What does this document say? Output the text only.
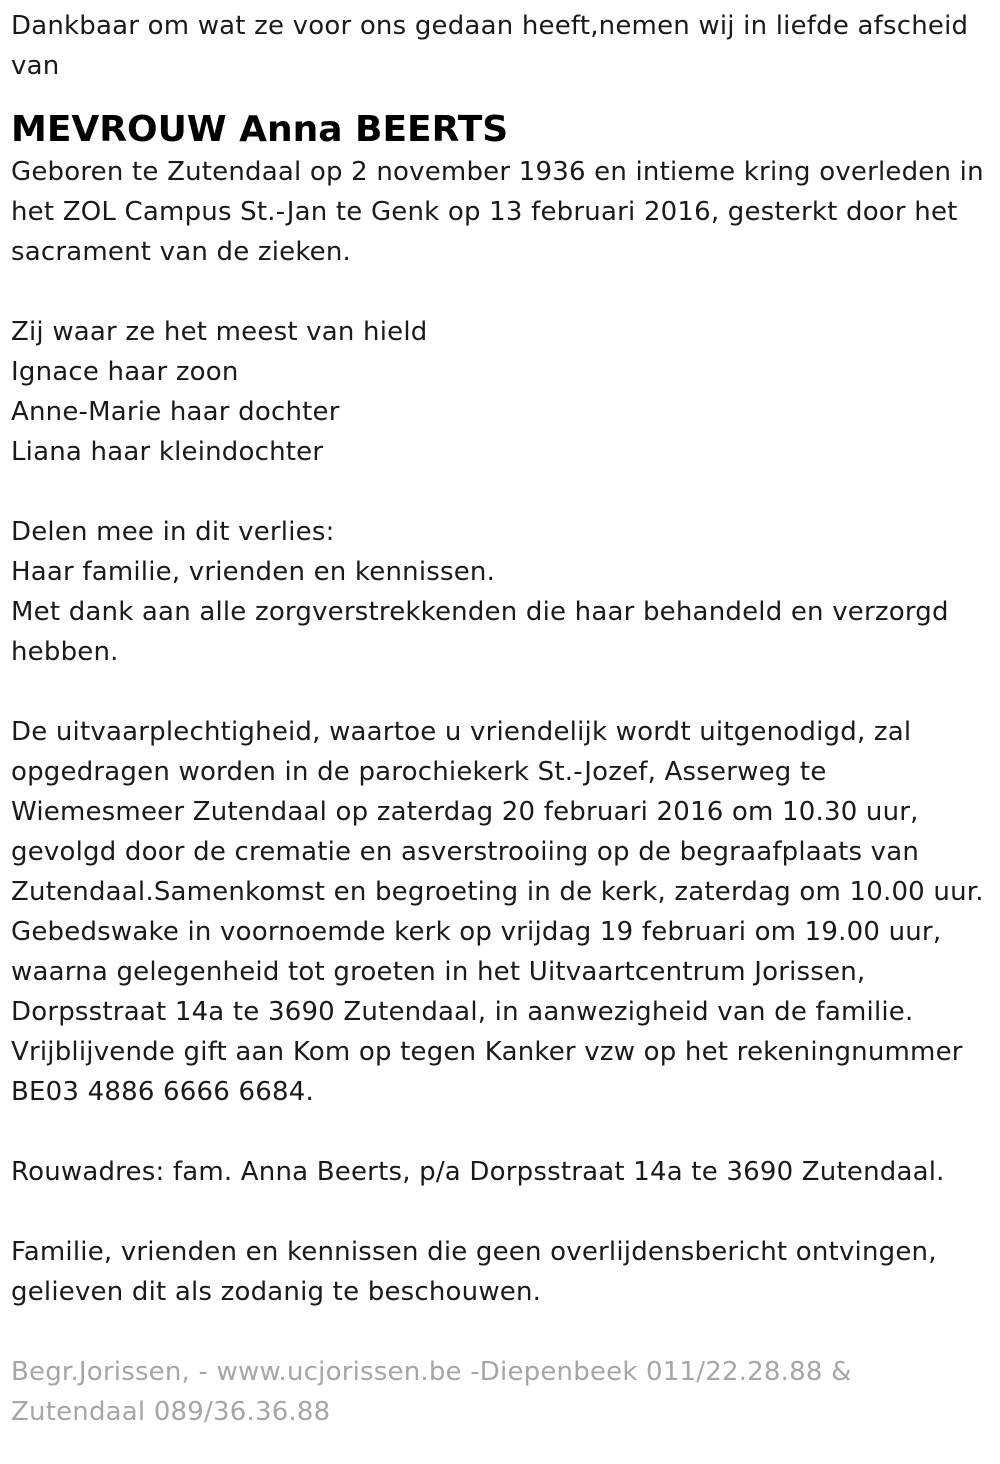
Dankbaar om wat ze voor ons gedaan heeft,nemen wij in liefde afscheid van

MEVROUW Anna BEERTS

Geboren te Zutendaal op 2 november 1936 en intieme kring overleden in het ZOL Campus St.-Jan te Genk op 13 februari 2016, gesterkt door het sacrament van de zieken.

Zij waar ze het meest van hield
Ignace haar zoon
Anne-Marie haar dochter
Liana haar kleindochter

Delen mee in dit verlies:
Haar familie, vrienden en kennissen.
Met dank aan alle zorgverstrekkenden die haar behandeld en verzorgd hebben.

De uitvaarplechtigheid, waartoe u vriendelijk wordt uitgenodigd, zal opgedragen worden in de parochiekerk St.-Jozef, Asserweg te Wiemesmeer Zutendaal op zaterdag 20 februari 2016 om 10.30 uur, gevolgd door de crematie en asverstrooiing op de begraafplaats van Zutendaal.Samenkomst en begroeting in de kerk, zaterdag om 10.00 uur. Gebedswake in voornoemde kerk op vrijdag 19 februari om 19.00 uur, waarna gelegenheid tot groeten in het Uitvaartcentrum Jorissen, Dorpsstraat 14a te 3690 Zutendaal, in aanwezigheid van de familie. Vrijblijvende gift aan Kom op tegen Kanker vzw op het rekeningnummer BE03 4886 6666 6684.

Rouwadres: fam. Anna Beerts, p/a Dorpsstraat 14a te 3690 Zutendaal.

Familie, vrienden en kennissen die geen overlijdensbericht ontvingen, gelieven dit als zodanig te beschouwen.

Begr.Jorissen, - www.ucjorissen.be -Diepenbeek 011/22.28.88 & Zutendaal 089/36.36.88
